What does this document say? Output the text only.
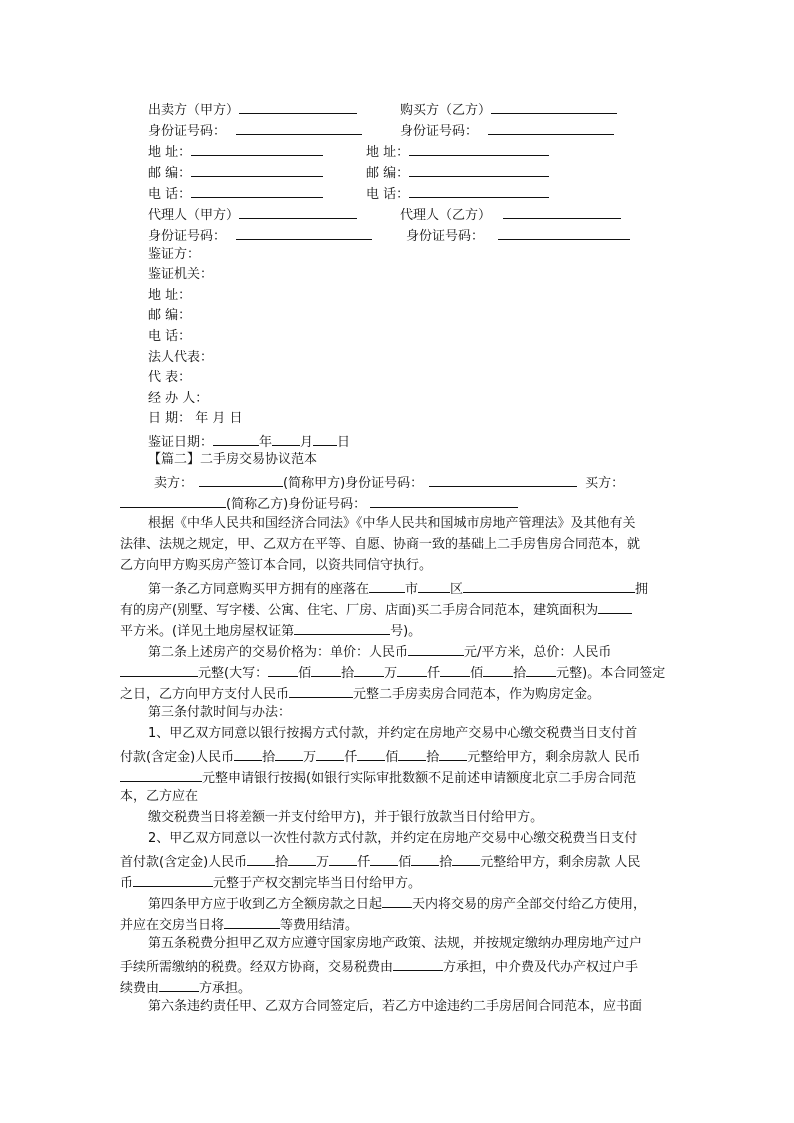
出卖方（甲方）	购买方（乙方）
身份证号码：	身份证号码：
地 址：	地 址：
邮 编：	邮 编：
电 话：	电 话：
代理人（甲方）	代理人（乙方）
身份证号码：	身份证号码：
鉴证方：
鉴证机关：
地 址：
邮 编：
电 话：
法人代表：
代 表：
经 办 人：
日 期： 年 月 日
鉴证日期：	年 月 日
【篇二】二手房交易协议范本
卖方：	(简称甲方)身份证号码：	买方：
(简称乙方)身份证号码：
根据《中华人民共和国经济合同法》《中华人民共和国城市房地产管理法》及其他有关
法律、法规之规定，甲、乙双方在平等、自愿、协商一致的基础上二手房售房合同范本，就
乙方向甲方购买房产签订本合同，以资共同信守执行。
第一条乙方同意购买甲方拥有的座落在	市 区	拥
有的房产(别墅、写字楼、公寓、住宅、厂房、店面)买二手房合同范本，建筑面积为
平方米。(详见土地房屋权证第	号)。
第二条上述房产的交易价格为：单价：人民币	元/平方米，总价：人民币
元整(大写： 佰 拾 万 仟 佰 拾 元整)。本合同签定
之日，乙方向甲方支付人民币	元整二手房卖房合同范本，作为购房定金。
第三条付款时间与办法：
1、甲乙双方同意以银行按揭方式付款，并约定在房地产交易中心缴交税费当日支付首
付款(含定金)人民币 拾 万 仟 佰 拾 元整给甲方，剩余房款人 民币
元整申请银行按揭(如银行实际审批数额不足前述申请额度北京二手房合同范
本，乙方应在
缴交税费当日将差额一并支付给甲方)，并于银行放款当日付给甲方。
2、甲乙双方同意以一次性付款方式付款，并约定在房地产交易中心缴交税费当日支付
首付款(含定金)人民币 拾 万 仟 佰 拾 元整给甲方，剩余房款 人民
币	元整于产权交割完毕当日付给甲方。
第四条甲方应于收到乙方全额房款之日起 天内将交易的房产全部交付给乙方使用，
并应在交房当日将	等费用结清。
第五条税费分担甲乙双方应遵守国家房地产政策、法规，并按规定缴纳办理房地产过户
手续所需缴纳的税费。经双方协商，交易税费由	方承担，中介费及代办产权过户手
续费由	方承担。
第六条违约责任甲、乙双方合同签定后，若乙方中途违约二手房居间合同范本，应书面
